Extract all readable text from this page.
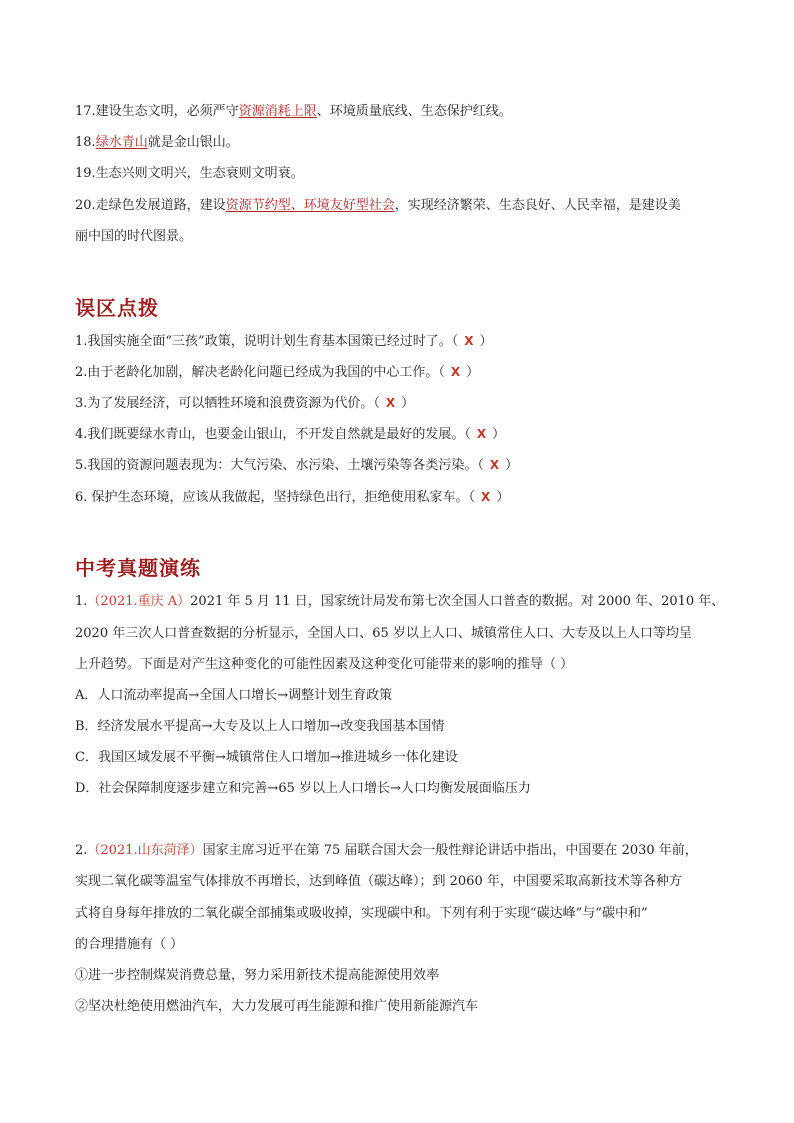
17.建设生态文明，必须严守资源消耗上限、环境质量底线、生态保护红线。
18.绿水青山就是金山银山。
19.生态兴则文明兴，生态衰则文明衰。
20.走绿色发展道路，建设资源节约型、环境友好型社会，实现经济繁荣、生态良好、人民幸福，是建设美
丽中国的时代图景。
误区点拨
1.我国实施全面“三孩”政策，说明计划生育基本国策已经过时了。（ X ）
2.由于老龄化加剧，解决老龄化问题已经成为我国的中心工作。（ X ）
3.为了发展经济，可以牺牲环境和浪费资源为代价。（ X ）
4.我们既要绿水青山，也要金山银山，不开发自然就是最好的发展。（ X ）
5.我国的资源问题表现为：大气污染、水污染、土壤污染等各类污染。（ X ）
6. 保护生态环境，应该从我做起，坚持绿色出行，拒绝使用私家车。（ X ）
中考真题演练
1.（2021.重庆 A）2021 年 5 月 11 日，国家统计局发布第七次全国人口普查的数据。对 2000 年、2010 年、
2020 年三次人口普查数据的分析显示，全国人口、65 岁以上人口、城镇常住人口、大专及以上人口等均呈
上升趋势。下面是对产生这种变化的可能性因素及这种变化可能带来的影响的推导（ ）
A．人口流动率提高→全国人口增长→调整计划生育政策
B．经济发展水平提高→大专及以上人口增加→改变我国基本国情
C．我国区域发展不平衡→城镇常住人口增加→推进城乡一体化建设
D．社会保障制度逐步建立和完善→65 岁以上人口增长→人口均衡发展面临压力
2.（2021.山东菏泽）国家主席习近平在第 75 届联合国大会一般性辩论讲话中指出，中国要在 2030 年前，
实现二氧化碳等温室气体排放不再增长，达到峰值（碳达峰）；到 2060 年，中国要采取高新技术等各种方
式将自身每年排放的二氧化碳全部捕集或吸收掉，实现碳中和。下列有利于实现“碳达峰”与“碳中和”
的合理措施有（ ）
①进一步控制煤炭消费总量，努力采用新技术提高能源使用效率
②坚决杜绝使用燃油汽车，大力发展可再生能源和推广使用新能源汽车
